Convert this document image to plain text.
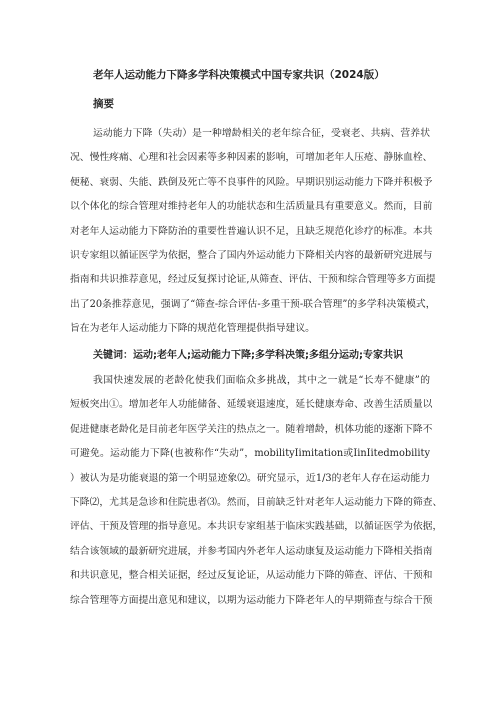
老年人运动能力下降多学科决策模式中国专家共识（2024版）
摘要
运动能力下降（失动）是一种增龄相关的老年综合征，受衰老、共病、营养状
况、慢性疼痛、心理和社会因素等多种因素的影响，可增加老年人压疮、静脉血栓、
便秘、衰弱、失能、跌倒及死亡等不良事件的风险。早期识别运动能力下降并积极予
以个体化的综合管理对维持老年人的功能状态和生活质量具有重要意义。然而，目前
对老年人运动能力下降防治的重要性普遍认识不足，且缺乏规范化诊疗的标准。本共
识专家组以循证医学为依据，整合了国内外运动能力下降相关内容的最新研究进展与
指南和共识推荐意见，经过反复探讨论证,从筛查、评估、干预和综合管理等多方面提
出了20条推荐意见，强调了“筛查-综合评估-多重干预-联合管理”的多学科决策模式，
旨在为老年人运动能力下降的规范化管理提供指导建议。
关键词：运动;老年人;运动能力下降;多学科决策;多组分运动;专家共识
我国快速发展的老龄化使我们面临众多挑战，其中之一就是“长寿不健康”的
短板突出①。增加老年人功能储备、延缓衰退速度，延长健康寿命、改善生活质量以
促进健康老龄化是目前老年医学关注的热点之一。随着增龄，机体功能的逐渐下降不
可避免。运动能力下降(也被称作“失动”，mobilityIimitation或IinIitedmobility
）被认为是功能衰退的第一个明显迹象⑵。研究显示，近1/3的老年人存在运动能力
下降⑵，尤其是急诊和住院患者⑶。然而，目前缺乏针对老年人运动能力下降的筛查、
评估、干预及管理的指导意见。本共识专家组基于临床实践基础，以循证医学为依据，
结合该领域的最新研究进展，并参考国内外老年人运动康复及运动能力下降相关指南
和共识意见，整合相关证据，经过反复论证，从运动能力下降的筛查、评估、干预和
综合管理等方面提出意见和建议，以期为运动能力下降老年人的早期筛查与综合干预
